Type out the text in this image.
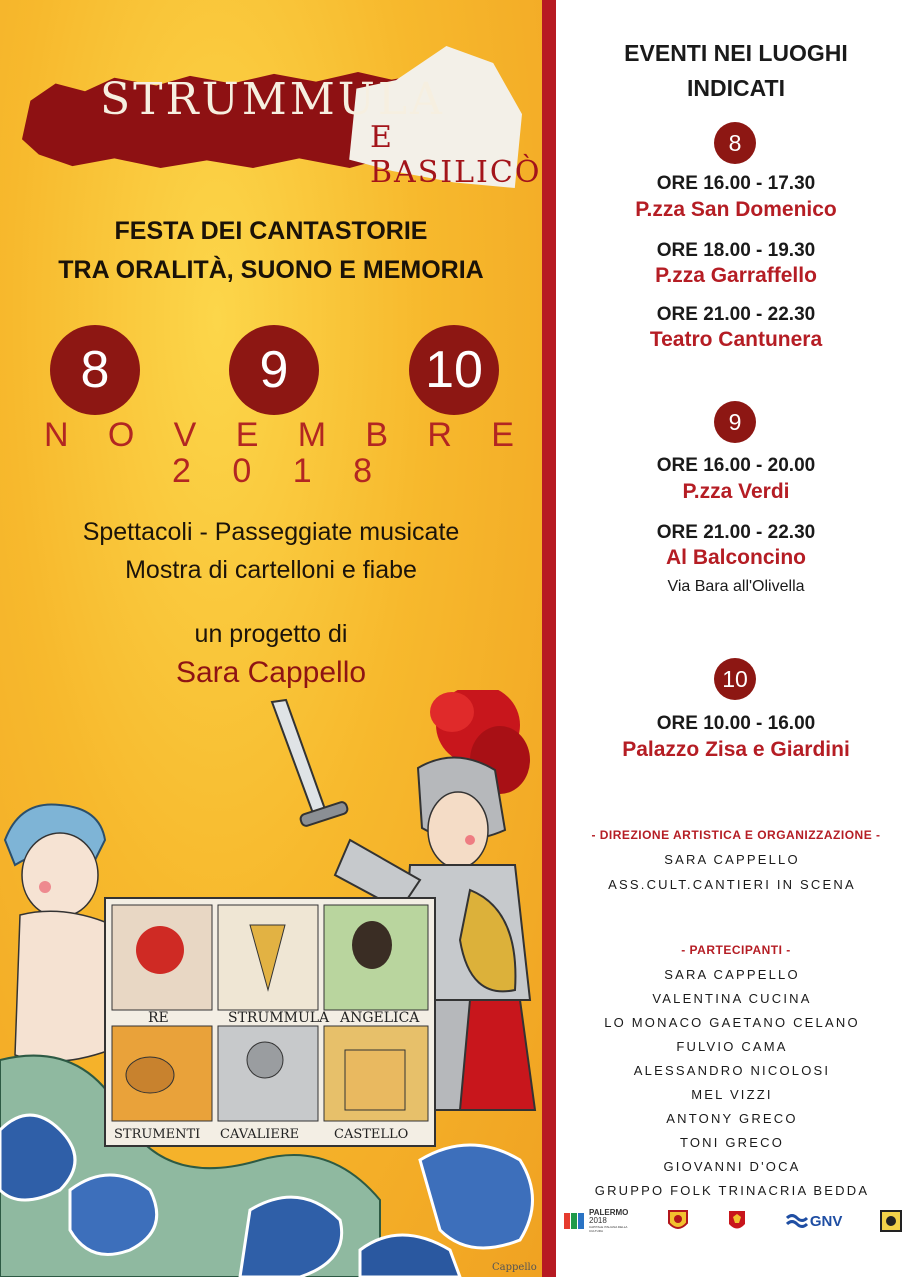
STRUMMULA
E BASILICÒ
FESTA DEI CANTASTORIE
TRA ORALITÀ, SUONO E MEMORIA
8	9	10
N O V E M B R E
2 0 1 8
Spettacoli - Passeggiate musicate
Mostra di cartelloni e fiabe
un progetto di
Sara Cappello
RE	STRUMMULA ANGELICA
STRUMENTI CAVALIERE	CASTELLO
Cappello
EVENTI NEI LUOGHI
INDICATI
8
ORE 16.00 - 17.30
P.zza San Domenico
ORE 18.00 - 19.30
P.zza Garraffello
ORE 21.00 - 22.30
Teatro Cantunera
9
ORE 16.00 - 20.00
P.zza Verdi
ORE 21.00 - 22.30
Al Balconcino
Via Bara all'Olivella
10
ORE 10.00 - 16.00
Palazzo Zisa e Giardini
- DIREZIONE ARTISTICA E ORGANIZZAZIONE -
SARA CAPPELLO
ASS.CULT.CANTIERI IN SCENA
- PARTECIPANTI -
SARA CAPPELLO
VALENTINA CUCINA
LO MONACO GAETANO CELANO
FULVIO CAMA
ALESSANDRO NICOLOSI
MEL VIZZI
ANTONY GRECO
TONI GRECO
GIOVANNI D'OCA
GRUPPO FOLK TRINACRIA BEDDA
PALERMO
2018
CAPITALE ITALIANA DELLA CULTURA
GNV
